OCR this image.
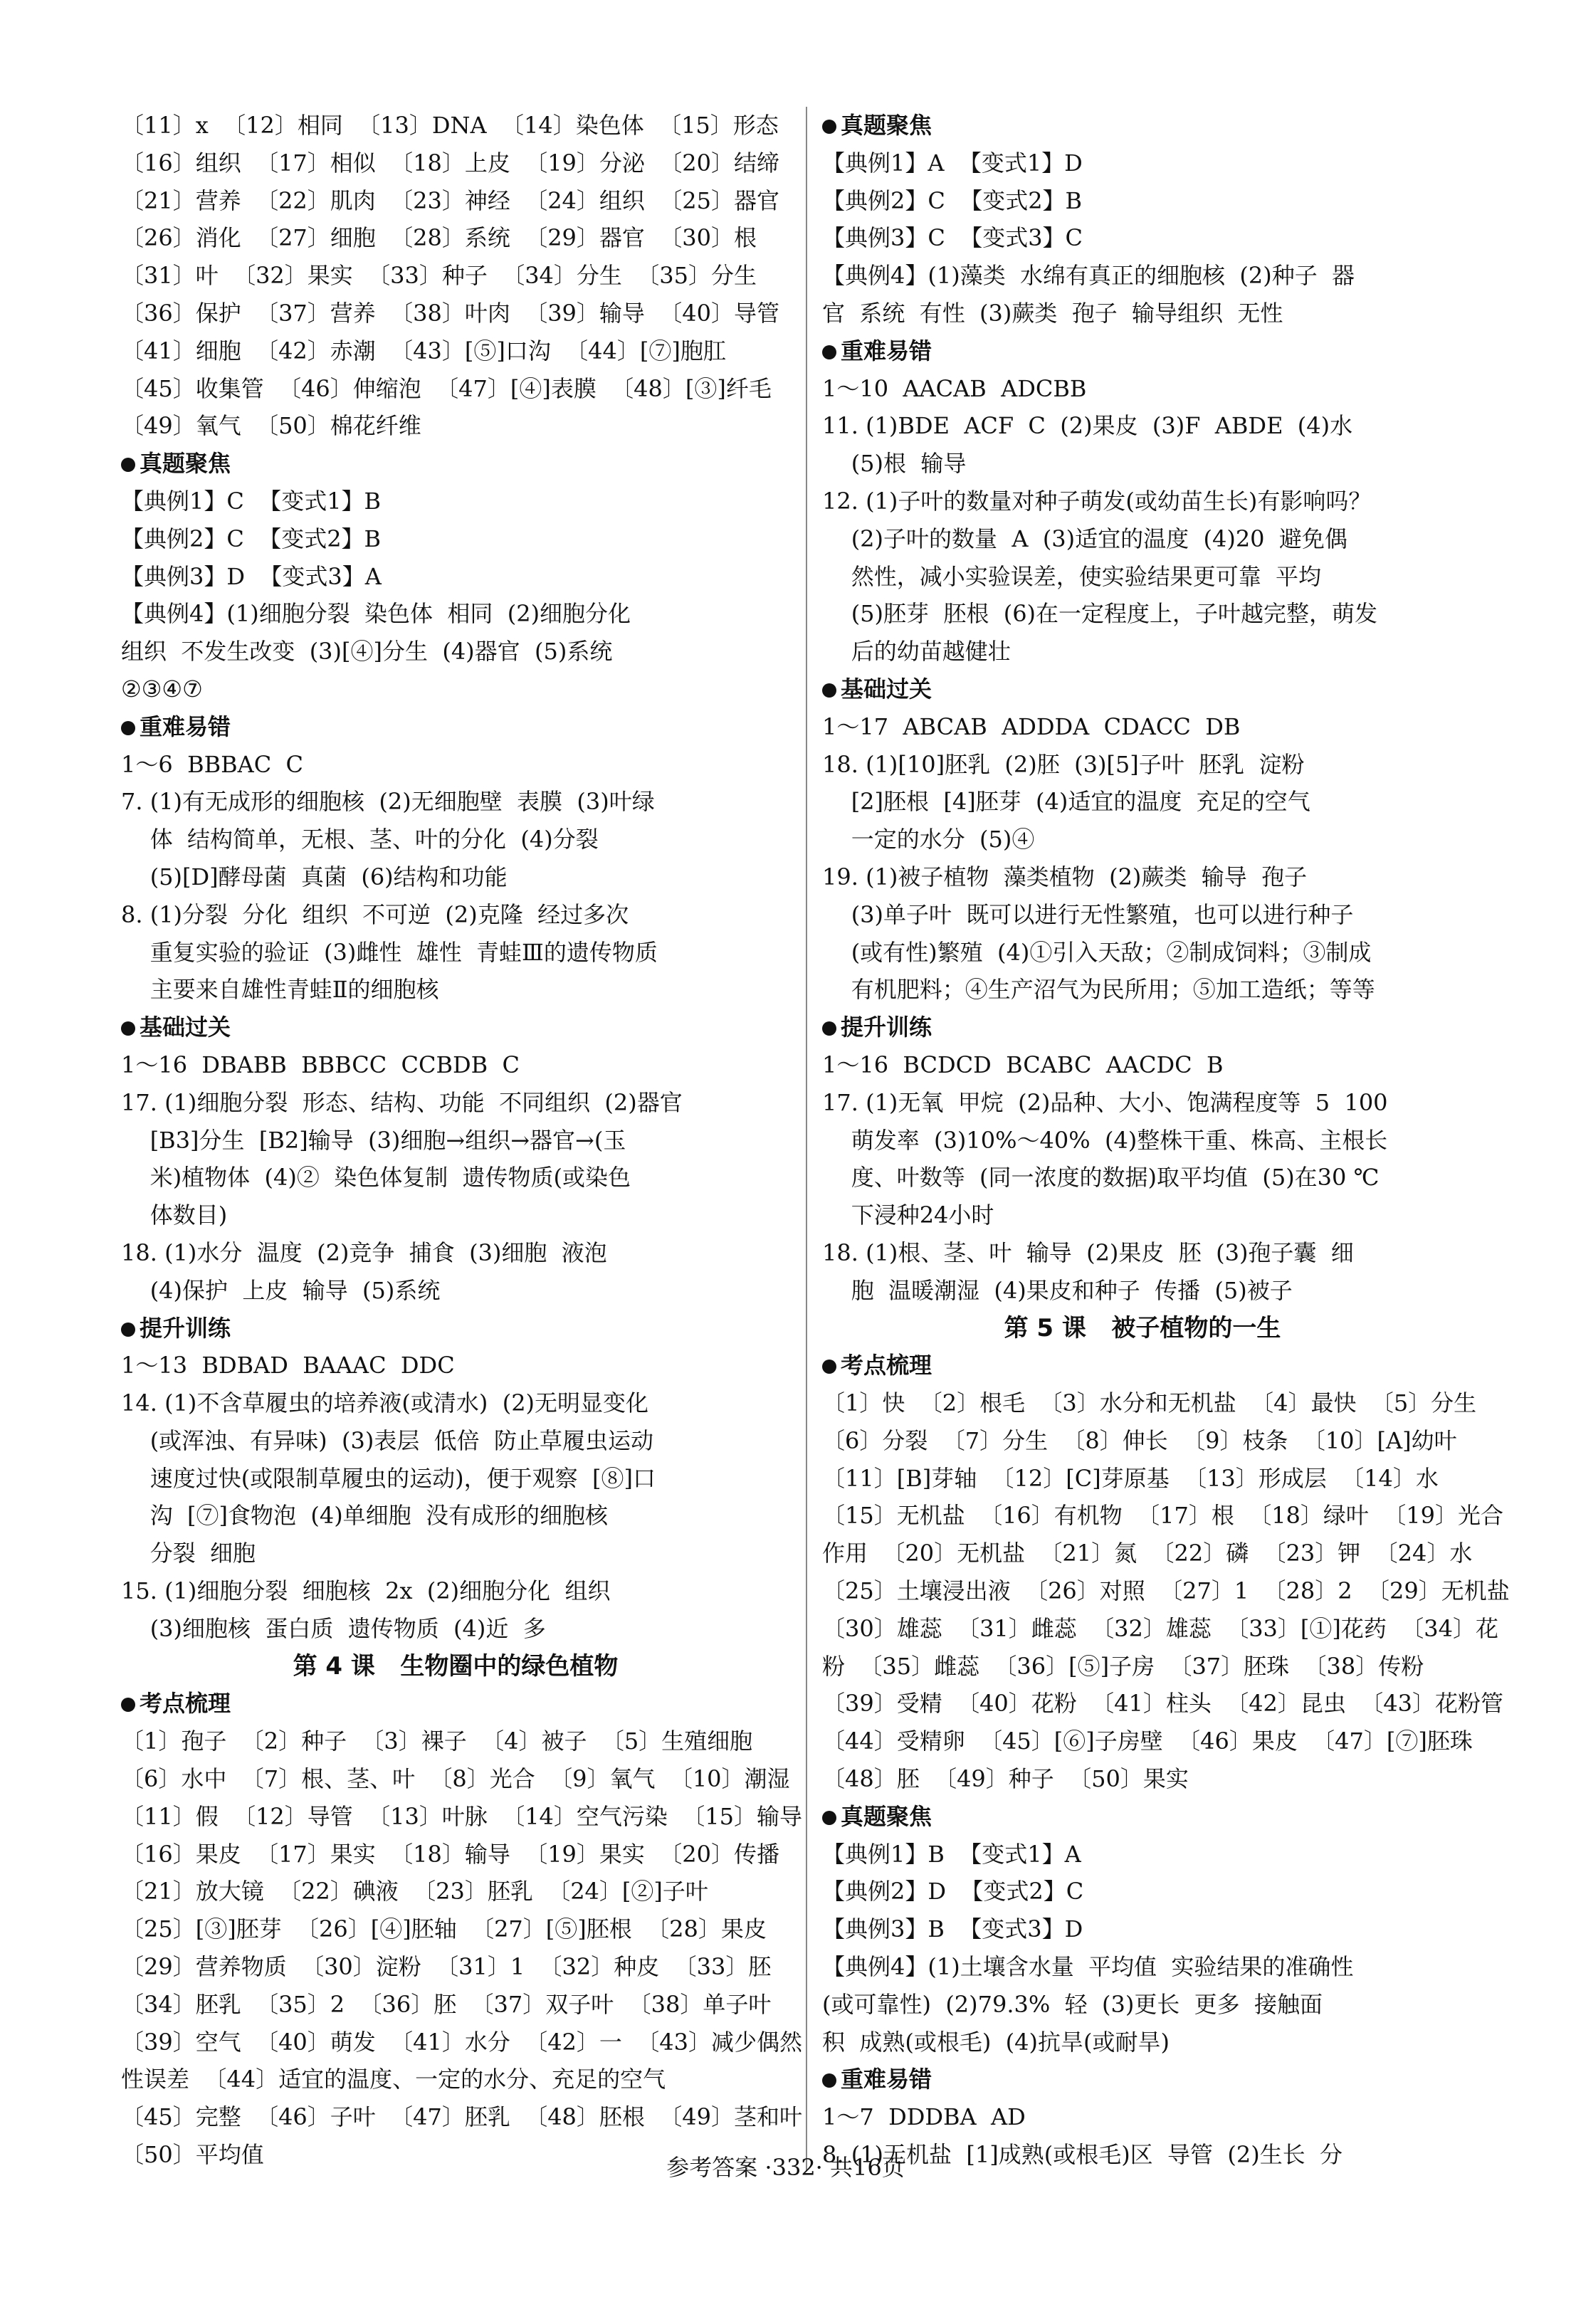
〔11〕x  〔12〕相同  〔13〕DNA  〔14〕染色体  〔15〕形态
〔16〕组织  〔17〕相似  〔18〕上皮  〔19〕分泌  〔20〕结缔
〔21〕营养  〔22〕肌肉  〔23〕神经  〔24〕组织  〔25〕器官
〔26〕消化  〔27〕细胞  〔28〕系统  〔29〕器官  〔30〕根
〔31〕叶  〔32〕果实  〔33〕种子  〔34〕分生  〔35〕分生
〔36〕保护  〔37〕营养  〔38〕叶肉  〔39〕输导  〔40〕导管
〔41〕细胞  〔42〕赤潮  〔43〕[⑤]口沟  〔44〕[⑦]胞肛
〔45〕收集管  〔46〕伸缩泡  〔47〕[④]表膜  〔48〕[③]纤毛
〔49〕氧气  〔50〕棉花纤维
真题聚焦
【典例1】C  【变式1】B
【典例2】C  【变式2】B
【典例3】D  【变式3】A
【典例4】(1)细胞分裂  染色体  相同  (2)细胞分化
组织  不发生改变  (3)[④]分生  (4)器官  (5)系统
②③④⑦
重难易错
1～6  BBBAC  C
7. (1)有无成形的细胞核  (2)无细胞壁  表膜  (3)叶绿
体  结构简单，无根、茎、叶的分化  (4)分裂
(5)[D]酵母菌  真菌  (6)结构和功能
8. (1)分裂  分化  组织  不可逆  (2)克隆  经过多次
重复实验的验证  (3)雌性  雄性  青蛙Ⅲ的遗传物质
主要来自雄性青蛙Ⅱ的细胞核
基础过关
1～16  DBABB  BBBCC  CCBDB  C
17. (1)细胞分裂  形态、结构、功能  不同组织  (2)器官
[B3]分生  [B2]输导  (3)细胞→组织→器官→(玉
米)植物体  (4)②  染色体复制  遗传物质(或染色
体数目)
18. (1)水分  温度  (2)竞争  捕食  (3)细胞  液泡
(4)保护  上皮  输导  (5)系统
提升训练
1～13  BDBAD  BAAAC  DDC
14. (1)不含草履虫的培养液(或清水)  (2)无明显变化
(或浑浊、有异味)  (3)表层  低倍  防止草履虫运动
速度过快(或限制草履虫的运动)，便于观察  [⑧]口
沟  [⑦]食物泡  (4)单细胞  没有成形的细胞核
分裂  细胞
15. (1)细胞分裂  细胞核  2x  (2)细胞分化  组织
(3)细胞核  蛋白质  遗传物质  (4)近  多
第 4 课   生物圈中的绿色植物
考点梳理
〔1〕孢子  〔2〕种子  〔3〕裸子  〔4〕被子  〔5〕生殖细胞
〔6〕水中  〔7〕根、茎、叶  〔8〕光合  〔9〕氧气  〔10〕潮湿
〔11〕假  〔12〕导管  〔13〕叶脉  〔14〕空气污染  〔15〕输导
〔16〕果皮  〔17〕果实  〔18〕输导  〔19〕果实  〔20〕传播
〔21〕放大镜  〔22〕碘液  〔23〕胚乳  〔24〕[②]子叶
〔25〕[③]胚芽  〔26〕[④]胚轴  〔27〕[⑤]胚根  〔28〕果皮
〔29〕营养物质  〔30〕淀粉  〔31〕1  〔32〕种皮  〔33〕胚
〔34〕胚乳  〔35〕2  〔36〕胚  〔37〕双子叶  〔38〕单子叶
〔39〕空气  〔40〕萌发  〔41〕水分  〔42〕一  〔43〕减少偶然
性误差  〔44〕适宜的温度、一定的水分、充足的空气
〔45〕完整  〔46〕子叶  〔47〕胚乳  〔48〕胚根  〔49〕茎和叶
〔50〕平均值
真题聚焦
【典例1】A  【变式1】D
【典例2】C  【变式2】B
【典例3】C  【变式3】C
【典例4】(1)藻类  水绵有真正的细胞核  (2)种子  器
官  系统  有性  (3)蕨类  孢子  输导组织  无性
重难易错
1～10  AACAB  ADCBB
11. (1)BDE  ACF  C  (2)果皮  (3)F  ABDE  (4)水
(5)根  输导
12. (1)子叶的数量对种子萌发(或幼苗生长)有影响吗？
(2)子叶的数量  A  (3)适宜的温度  (4)20  避免偶
然性，减小实验误差，使实验结果更可靠  平均
(5)胚芽  胚根  (6)在一定程度上，子叶越完整，萌发
后的幼苗越健壮
基础过关
1～17  ABCAB  ADDDA  CDACC  DB
18. (1)[10]胚乳  (2)胚  (3)[5]子叶  胚乳  淀粉
[2]胚根  [4]胚芽  (4)适宜的温度  充足的空气
一定的水分  (5)④
19. (1)被子植物  藻类植物  (2)蕨类  输导  孢子
(3)单子叶  既可以进行无性繁殖，也可以进行种子
(或有性)繁殖  (4)①引入天敌；②制成饲料；③制成
有机肥料；④生产沼气为民所用；⑤加工造纸；等等
提升训练
1～16  BCDCD  BCABC  AACDC  B
17. (1)无氧  甲烷  (2)品种、大小、饱满程度等  5  100
萌发率  (3)10%～40%  (4)整株干重、株高、主根长
度、叶数等  (同一浓度的数据)取平均值  (5)在30 ℃
下浸种24小时
18. (1)根、茎、叶  输导  (2)果皮  胚  (3)孢子囊  细
胞  温暖潮湿  (4)果皮和种子  传播  (5)被子
第 5 课   被子植物的一生
考点梳理
〔1〕快  〔2〕根毛  〔3〕水分和无机盐  〔4〕最快  〔5〕分生
〔6〕分裂  〔7〕分生  〔8〕伸长  〔9〕枝条  〔10〕[A]幼叶
〔11〕[B]芽轴  〔12〕[C]芽原基  〔13〕形成层  〔14〕水
〔15〕无机盐  〔16〕有机物  〔17〕根  〔18〕绿叶  〔19〕光合
作用  〔20〕无机盐  〔21〕氮  〔22〕磷  〔23〕钾  〔24〕水
〔25〕土壤浸出液  〔26〕对照  〔27〕1  〔28〕2  〔29〕无机盐
〔30〕雄蕊  〔31〕雌蕊  〔32〕雄蕊  〔33〕[①]花药  〔34〕花
粉  〔35〕雌蕊  〔36〕[⑤]子房  〔37〕胚珠  〔38〕传粉
〔39〕受精  〔40〕花粉  〔41〕柱头  〔42〕昆虫  〔43〕花粉管
〔44〕受精卵  〔45〕[⑥]子房壁  〔46〕果皮  〔47〕[⑦]胚珠
〔48〕胚  〔49〕种子  〔50〕果实
真题聚焦
【典例1】B  【变式1】A
【典例2】D  【变式2】C
【典例3】B  【变式3】D
【典例4】(1)土壤含水量  平均值  实验结果的准确性
(或可靠性)  (2)79.3%  轻  (3)更长  更多  接触面
积  成熟(或根毛)  (4)抗旱(或耐旱)
重难易错
1～7  DDDBA  AD
8. (1)无机盐  [1]成熟(或根毛)区  导管  (2)生长  分
参考答案 ·332· 共16页
